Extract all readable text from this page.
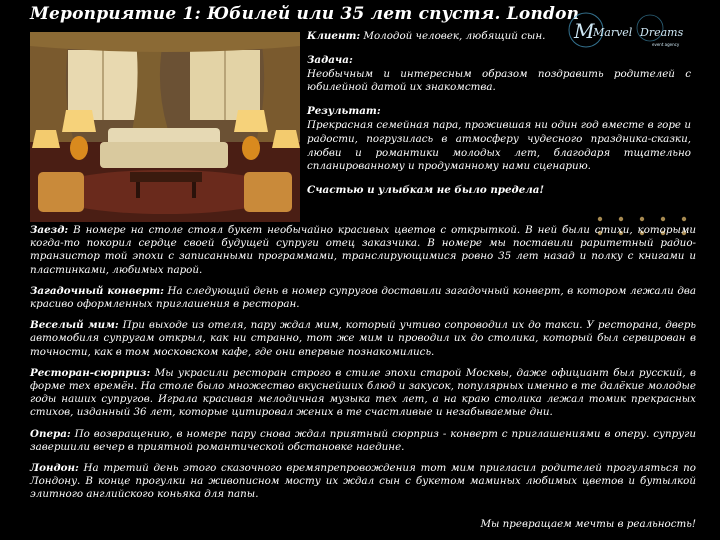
Мероприятие 1: Юбилей или 35 лет спустя. London
M
Marvel Dreams
event agency

Клиент: Молодой человек, любящий сын.

Задача:
Необычным и интересным образом поздравить родителей с юбилейной датой их знакомства.

Результат:
Прекрасная семейная пара, прожившая ни один год вместе в горе и радости, погрузилась в атмосферу чудесного праздника-сказки, любви и романтики молодых лет, благодаря тщательно спланированному и продуманному нами сценарию.

Счастью и улыбкам не было предела!

Заезд: В номере на столе стоял букет необычайно красивых цветов с открыткой. В ней были стихи, которыми когда-то покорил сердце своей будущей супруги отец заказчика. В номере мы поставили раритетный радио-транзистор той эпохи с записанными программами, транслирующимися ровно 35 лет назад и полку с книгами и пластинками, любимых парой.

Загадочный конверт: На следующий день в номер супругов доставили загадочный конверт, в котором лежали два красиво оформленных приглашения в ресторан.

Веселый мим: При выходе из отеля, пару ждал мим, который учтиво сопроводил их до такси. У ресторана, дверь автомобиля супругам открыл, как ни странно, тот же мим и проводил их до столика, который был сервирован в точности, как в том московском кафе, где они впервые познакомились.

Ресторан-сюрприз: Мы украсили ресторан строго в стиле эпохи старой Москвы, даже официант был русский, в форме тех времён. На столе было множество вкуснейших блюд и закусок, популярных именно в те далёкие молодые годы наших супругов. Играла красивая мелодичная музыка тех лет, а на краю столика лежал томик прекрасных стихов, изданный 36 лет, которые цитировал жених в те счастливые и незабываемые дни.

Опера: По возвращению, в номере пару снова ждал приятный сюрприз - конверт с приглашениями в оперу. супруги завершили вечер в приятной романтической обстановке наедине.

Лондон: На третий день этого сказочного времяпрепровождения тот мим пригласил родителей прогуляться по Лондону. В конце прогулки на живописном мосту их ждал сын с букетом маминых любимых цветов и бутылкой элитного английского коньяка для папы.

Мы превращаем мечты в реальность!
